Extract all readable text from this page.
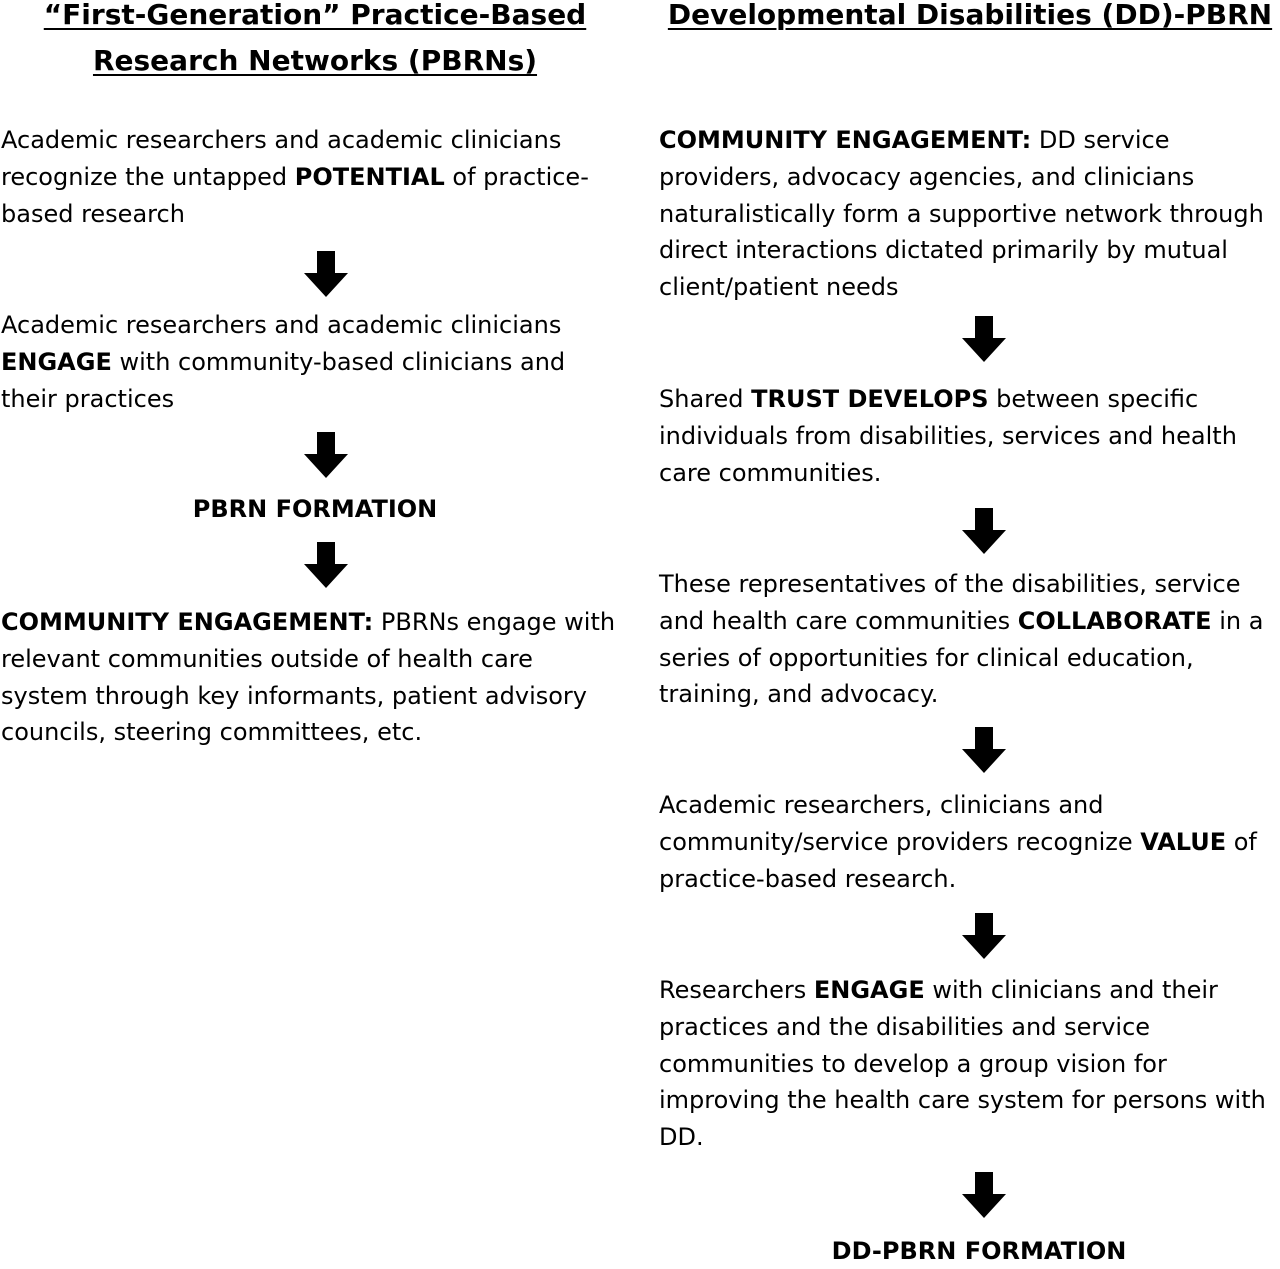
“First-Generation” Practice-Based
Research Networks (PBRNs)
Developmental Disabilities (DD)-PBRN
Academic researchers and academic clinicians
recognize the untapped POTENTIAL of practice-
based research
Academic researchers and academic clinicians
ENGAGE with community-based clinicians and
their practices
PBRN FORMATION
COMMUNITY ENGAGEMENT: PBRNs engage with
relevant communities outside of health care
system through key informants, patient advisory
councils, steering committees, etc.
COMMUNITY ENGAGEMENT: DD service
providers, advocacy agencies, and clinicians
naturalistically form a supportive network through
direct interactions dictated primarily by mutual
client/patient needs
Shared TRUST DEVELOPS between specific
individuals from disabilities, services and health
care communities.
These representatives of the disabilities, service
and health care communities COLLABORATE in a
series of opportunities for clinical education,
training, and advocacy.
Academic researchers, clinicians and
community/service providers recognize VALUE of
practice-based research.
Researchers ENGAGE with clinicians and their
practices and the disabilities and service
communities to develop a group vision for
improving the health care system for persons with
DD.
DD-PBRN FORMATION
